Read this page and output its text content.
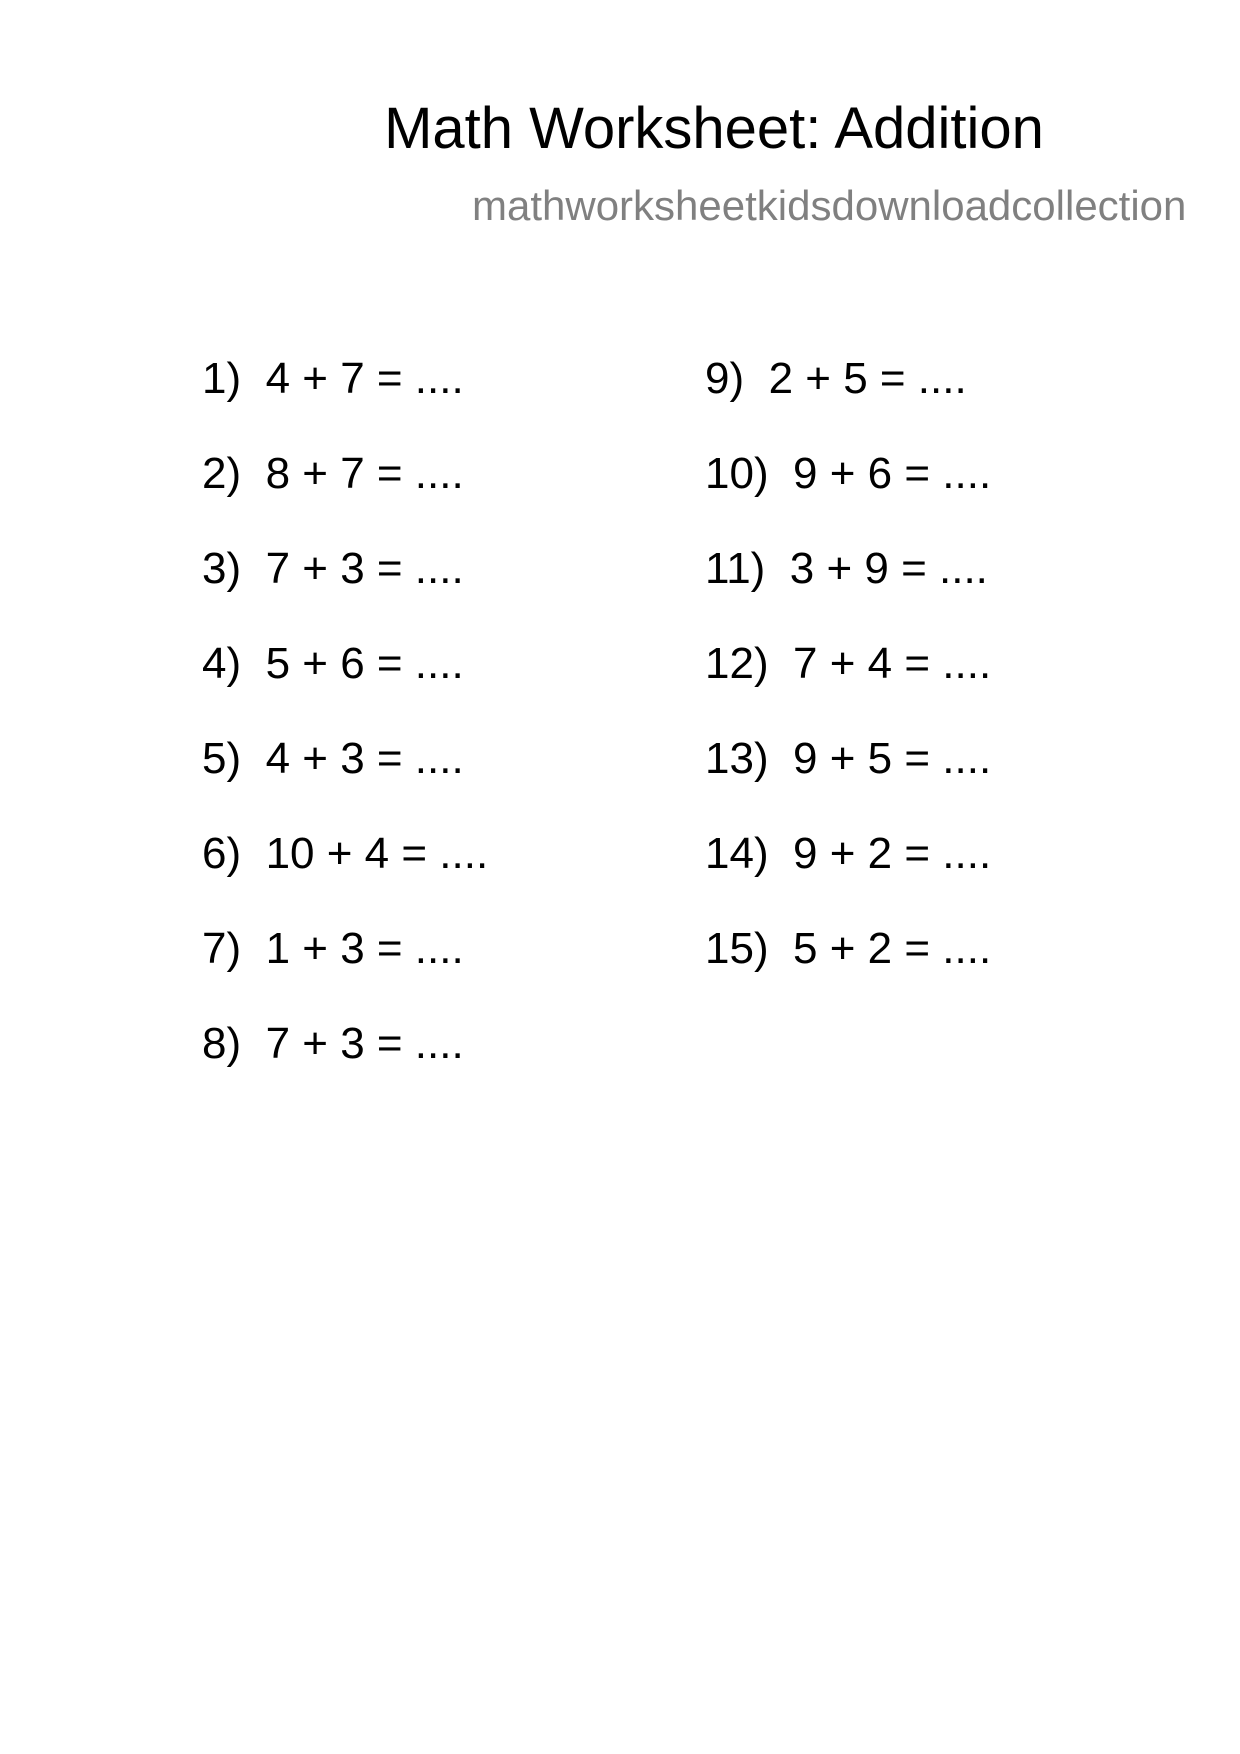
Math Worksheet: Addition
mathworksheetkidsdownloadcollection
1)  4 + 7 = ....
2)  8 + 7 = ....
3)  7 + 3 = ....
4)  5 + 6 = ....
5)  4 + 3 = ....
6)  10 + 4 = ....
7)  1 + 3 = ....
8)  7 + 3 = ....
9)  2 + 5 = ....
10)  9 + 6 = ....
11)  3 + 9 = ....
12)  7 + 4 = ....
13)  9 + 5 = ....
14)  9 + 2 = ....
15)  5 + 2 = ....
